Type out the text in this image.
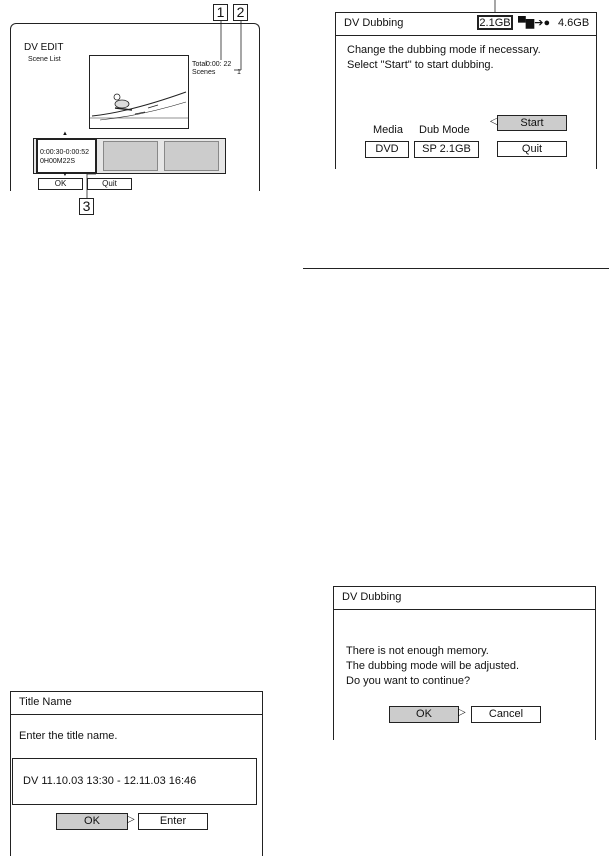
DV EDIT
Scene List
Total 0:00: 22
Scenes	1
0:00:30-0:00:52
0H00M22S
▲
▼
OK	Quit
1 2
3
DV Dubbing	2.1GB ▀▆➔● 4.6GB
Change the dubbing mode if necessary.
Select "Start" to start dubbing.
Media Dub Mode
DVD	SP 2.1GB
Start
◁
Quit
DV Dubbing
There is not enough memory.
The dubbing mode will be adjusted.
Do you want to continue?
OK	▷	Cancel
Title Name
Enter the title name.
DV 11.10.03 13:30 - 12.11.03 16:46
OK	▷	Enter
